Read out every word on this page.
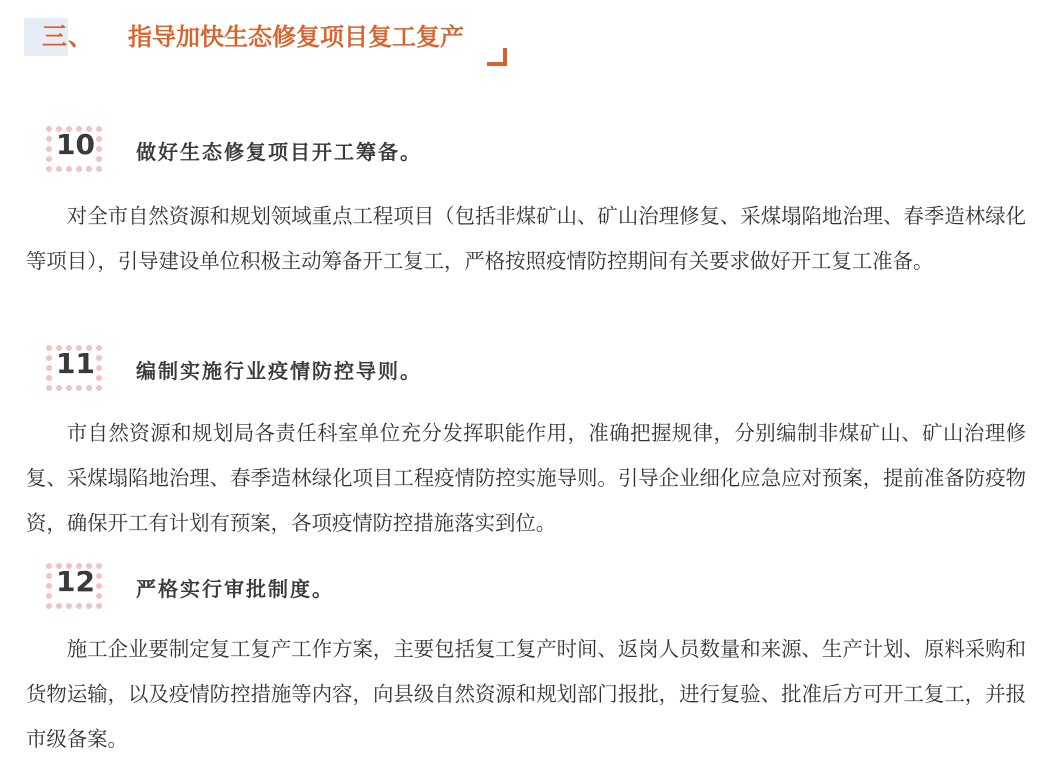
三、 指导加快生态修复项目复工复产
10 做好生态修复项目开工筹备。

对全市自然资源和规划领域重点工程项目（包括非煤矿山、矿山治理修复、采煤塌陷地治理、春季造林绿化等项目），引导建设单位积极主动筹备开工复工，严格按照疫情防控期间有关要求做好开工复工准备。

11 编制实施行业疫情防控导则。

市自然资源和规划局各责任科室单位充分发挥职能作用，准确把握规律，分别编制非煤矿山、矿山治理修复、采煤塌陷地治理、春季造林绿化项目工程疫情防控实施导则。引导企业细化应急应对预案，提前准备防疫物资，确保开工有计划有预案，各项疫情防控措施落实到位。

12 严格实行审批制度。

施工企业要制定复工复产工作方案，主要包括复工复产时间、返岗人员数量和来源、生产计划、原料采购和货物运输，以及疫情防控措施等内容，向县级自然资源和规划部门报批，进行复验、批准后方可开工复工，并报市级备案。
